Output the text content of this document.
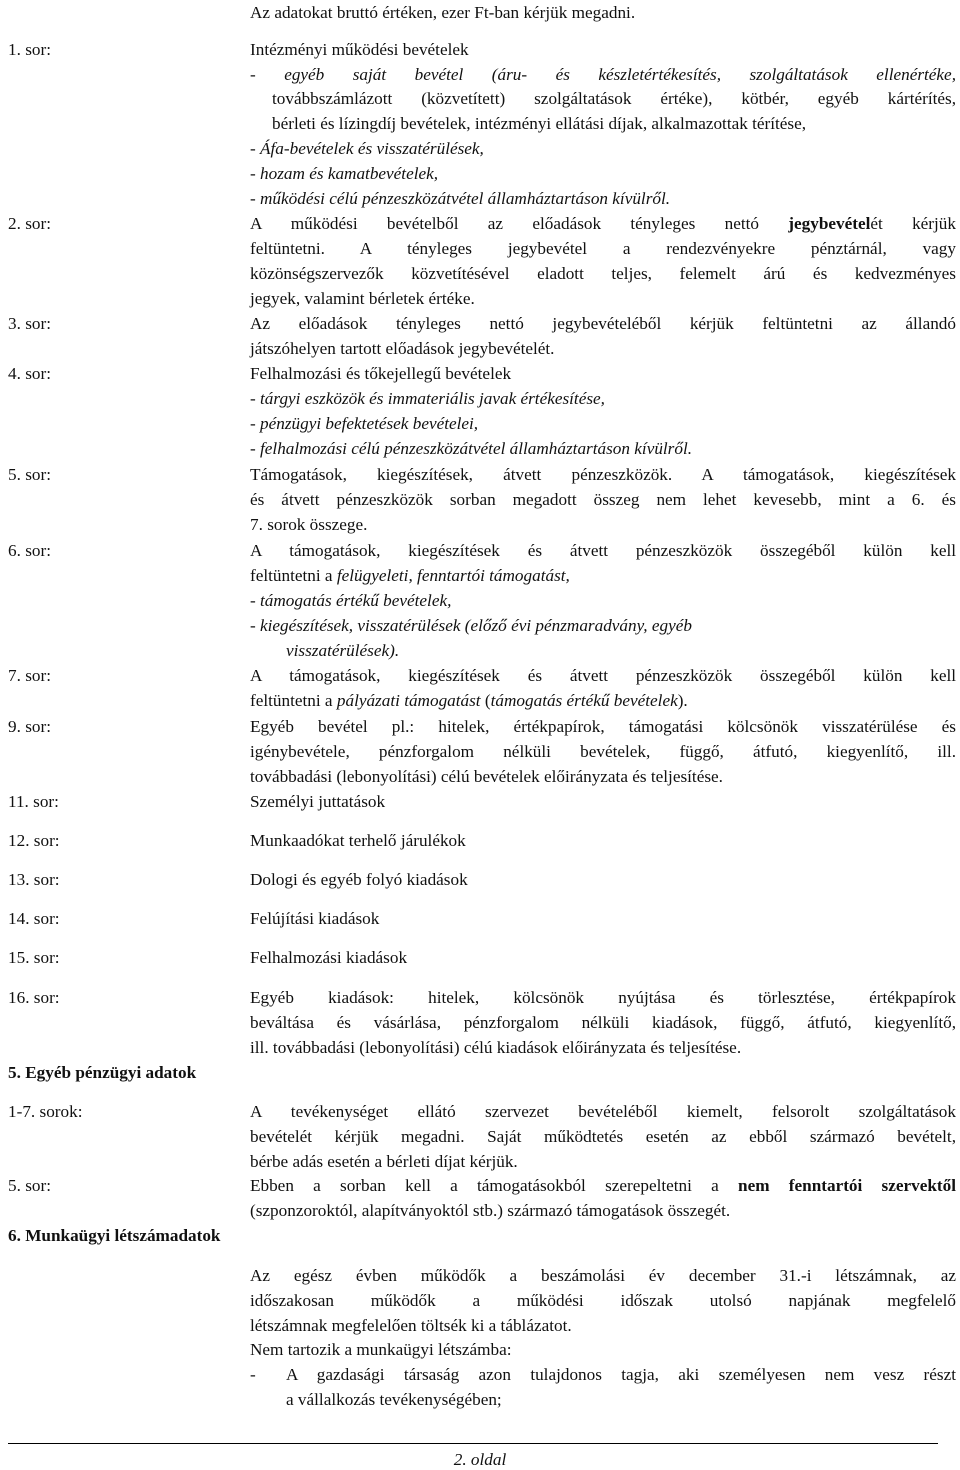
Az adatokat bruttó értéken, ezer Ft-ban kérjük megadni.
1. sor:	Intézményi működési bevételek
- egyéb saját bevétel (áru- és készletértékesítés, szolgáltatások ellenértéke,
továbbszámlázott (közvetített) szolgáltatások értéke), kötbér, egyéb kártérítés,
bérleti és lízingdíj bevételek, intézményi ellátási díjak, alkalmazottak térítése,
- Áfa-bevételek és visszatérülések,
- hozam és kamatbevételek,
- működési célú pénzeszközátvétel államháztartáson kívülről.
2. sor:	A működési bevételből az előadások tényleges nettó jegybevételét kérjük
feltüntetni. A tényleges jegybevétel a rendezvényekre pénztárnál, vagy
közönségszervezők közvetítésével eladott teljes, felemelt árú és kedvezményes
jegyek, valamint bérletek értéke.
3. sor:	Az előadások tényleges nettó jegybevételéből kérjük feltüntetni az állandó
játszóhelyen tartott előadások jegybevételét.
4. sor:	Felhalmozási és tőkejellegű bevételek
- tárgyi eszközök és immateriális javak értékesítése,
- pénzügyi befektetések bevételei,
- felhalmozási célú pénzeszközátvétel államháztartáson kívülről.
5. sor:	Támogatások, kiegészítések, átvett pénzeszközök. A támogatások, kiegészítések
és átvett pénzeszközök sorban megadott összeg nem lehet kevesebb, mint a 6. és
7. sorok összege.
6. sor:	A támogatások, kiegészítések és átvett pénzeszközök összegéből külön kell
feltüntetni a felügyeleti, fenntartói támogatást,
- támogatás értékű bevételek,
- kiegészítések, visszatérülések (előző évi pénzmaradvány, egyéb
visszatérülések).
7. sor:	A támogatások, kiegészítések és átvett pénzeszközök összegéből külön kell
feltüntetni a pályázati támogatást (támogatás értékű bevételek).
9. sor:	Egyéb bevétel pl.: hitelek, értékpapírok, támogatási kölcsönök visszatérülése és
igénybevétele, pénzforgalom nélküli bevételek, függő, átfutó, kiegyenlítő, ill.
továbbadási (lebonyolítási) célú bevételek előirányzata és teljesítése.
11. sor:	Személyi juttatások
12. sor:	Munkaadókat terhelő járulékok
13. sor:	Dologi és egyéb folyó kiadások
14. sor:	Felújítási kiadások
15. sor:	Felhalmozási kiadások
16. sor:	Egyéb kiadások: hitelek, kölcsönök nyújtása és törlesztése, értékpapírok
beváltása és vásárlása, pénzforgalom nélküli kiadások, függő, átfutó, kiegyenlítő,
ill. továbbadási (lebonyolítási) célú kiadások előirányzata és teljesítése.
5. Egyéb pénzügyi adatok
1-7. sorok:	A tevékenységet ellátó szervezet bevételéből kiemelt, felsorolt szolgáltatások
bevételét kérjük megadni. Saját működtetés esetén az ebből származó bevételt,
bérbe adás esetén a bérleti díjat kérjük.
5. sor:	Ebben a sorban kell a támogatásokból szerepeltetni a nem fenntartói szervektől
(szponzoroktól, alapítványoktól stb.) származó támogatások összegét.
6. Munkaügyi létszámadatok
Az egész évben működők a beszámolási év december 31.-i létszámnak, az
időszakosan működők a működési időszak utolsó napjának megfelelő
létszámnak megfelelően töltsék ki a táblázatot.
Nem tartozik a munkaügyi létszámba:
- A gazdasági társaság azon tulajdonos tagja, aki személyesen nem vesz részt
a vállalkozás tevékenységében;
2. oldal
